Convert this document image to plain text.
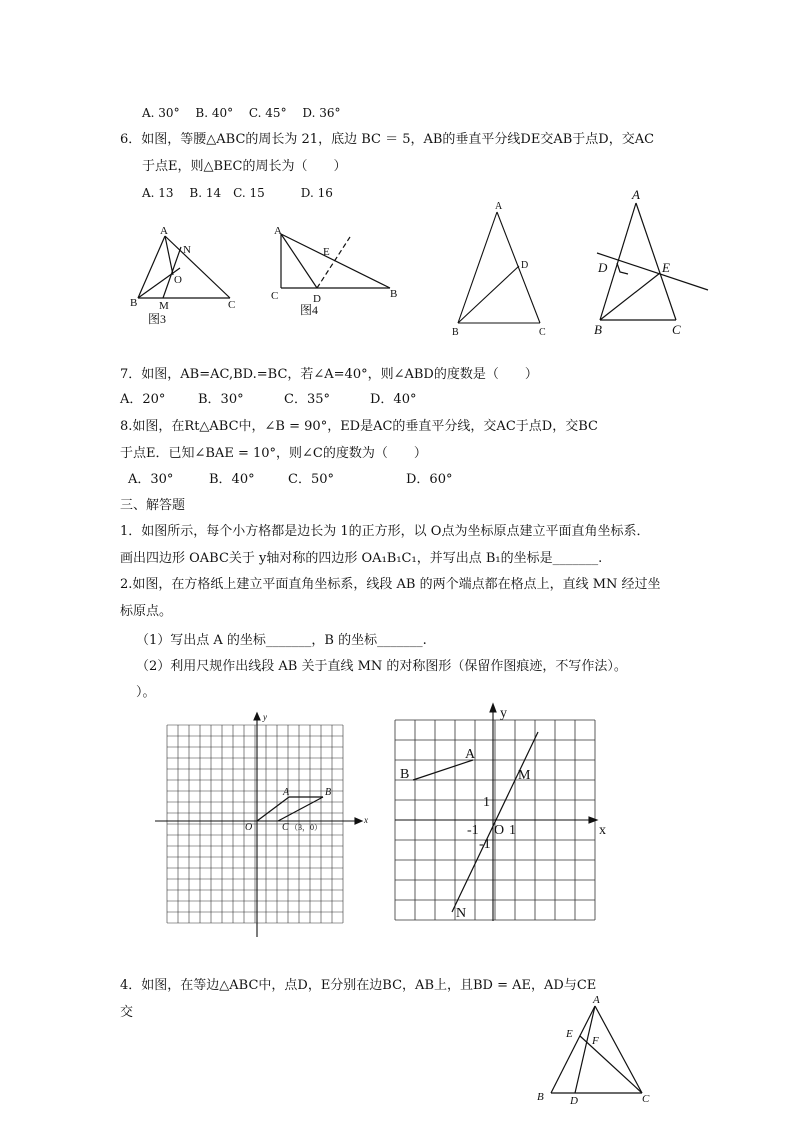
A. 30°　 B. 40°　 C. 45°　 D. 36°
6．如图，等腰△ABC的周长为 21，底边 BC ＝ 5，AB的垂直平分线DE交AB于点D，交AC
于点E，则△BEC的周长为（　　）
A. 13　 B. 14　C. 15　　　D. 16
A
N
O
B M	C
图3
A
E
C	D	B
图4
A
D
B	C
A
D	E
B	C
7．如图，AB=AC,BD.=BC，若∠A=40°，则∠ABD的度数是（　　）
A．20°	B．30°	C．35°	D．40°
8.如图，在Rt△ABC中，∠B = 90°，ED是AC的垂直平分线，交AC于点D，交BC
于点E．已知∠BAE = 10°，则∠C的度数为（　　）
A．30°	B．40°	C．50°	D．60°
三、解答题
1．如图所示，每个小方格都是边长为 1的正方形，以 O点为坐标原点建立平面直角坐标系．
画出四边形 OABC关于 y轴对称的四边形 OA₁B₁C₁，并写出点 B₁的坐标是_______.
2.如图，在方格纸上建立平面直角坐标系，线段 AB 的两个端点都在格点上，直线 MN 经过坐
标原点。
（1）写出点 A 的坐标_______，B 的坐标_______.
（2）利用尺规作出线段 AB 关于直线 MN 的对称图形（保留作图痕迹，不写作法）。
）。
y
x
O
A	B
C （3，0）
y
x
A
B	M
N
1
-1 O 1
-1
4．如图，在等边△ABC中，点D，E分别在边BC，AB上，且BD = AE，AD与CE
交
A
E
F
B D	C
